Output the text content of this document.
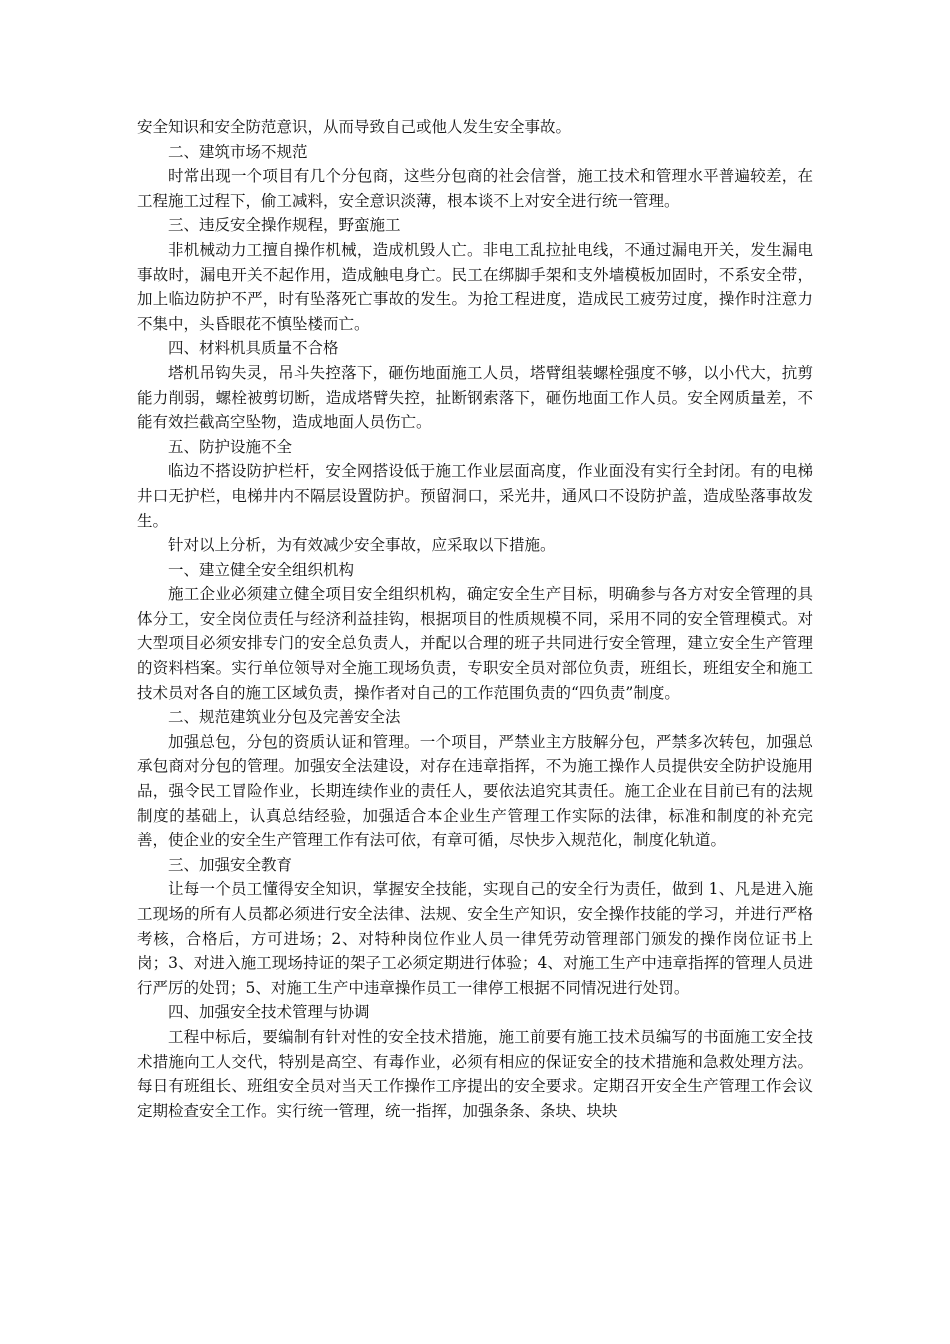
安全知识和安全防范意识，从而导致自己或他人发生安全事故。

二、建筑市场不规范

时常出现一个项目有几个分包商，这些分包商的社会信誉，施工技术和管理水平普遍较差，在工程施工过程下，偷工减料，安全意识淡薄，根本谈不上对安全进行统一管理。

三、违反安全操作规程，野蛮施工

非机械动力工擅自操作机械，造成机毁人亡。非电工乱拉扯电线，不通过漏电开关，发生漏电事故时，漏电开关不起作用，造成触电身亡。民工在绑脚手架和支外墙模板加固时，不系安全带，加上临边防护不严，时有坠落死亡事故的发生。为抢工程进度，造成民工疲劳过度，操作时注意力不集中，头昏眼花不慎坠楼而亡。

四、材料机具质量不合格

塔机吊钩失灵，吊斗失控落下，砸伤地面施工人员，塔臂组装螺栓强度不够，以小代大，抗剪能力削弱，螺栓被剪切断，造成塔臂失控，扯断钢索落下，砸伤地面工作人员。安全网质量差，不能有效拦截高空坠物，造成地面人员伤亡。

五、防护设施不全

临边不搭设防护栏杆，安全网搭设低于施工作业层面高度，作业面没有实行全封闭。有的电梯井口无护栏，电梯井内不隔层设置防护。预留洞口，采光井，通风口不设防护盖，造成坠落事故发生。

针对以上分析，为有效减少安全事故，应采取以下措施。

一、建立健全安全组织机构

施工企业必须建立健全项目安全组织机构，确定安全生产目标，明确参与各方对安全管理的具体分工，安全岗位责任与经济利益挂钩，根据项目的性质规模不同，采用不同的安全管理模式。对大型项目必须安排专门的安全总负责人，并配以合理的班子共同进行安全管理，建立安全生产管理的资料档案。实行单位领导对全施工现场负责，专职安全员对部位负责，班组长，班组安全和施工技术员对各自的施工区域负责，操作者对自己的工作范围负责的“四负责”制度。

二、规范建筑业分包及完善安全法

加强总包，分包的资质认证和管理。一个项目，严禁业主方肢解分包，严禁多次转包，加强总承包商对分包的管理。加强安全法建设，对存在违章指挥，不为施工操作人员提供安全防护设施用品，强令民工冒险作业，长期连续作业的责任人，要依法追究其责任。施工企业在目前已有的法规制度的基础上，认真总结经验，加强适合本企业生产管理工作实际的法律，标准和制度的补充完善，使企业的安全生产管理工作有法可依，有章可循，尽快步入规范化，制度化轨道。

三、加强安全教育

让每一个员工懂得安全知识，掌握安全技能，实现自己的安全行为责任，做到 1、凡是进入施工现场的所有人员都必须进行安全法律、法规、安全生产知识，安全操作技能的学习，并进行严格考核，合格后，方可进场；2、对特种岗位作业人员一律凭劳动管理部门颁发的操作岗位证书上岗；3、对进入施工现场持证的架子工必须定期进行体验；4、对施工生产中违章指挥的管理人员进行严厉的处罚；5、对施工生产中违章操作员工一律停工根据不同情况进行处罚。

四、加强安全技术管理与协调

工程中标后，要编制有针对性的安全技术措施，施工前要有施工技术员编写的书面施工安全技术措施向工人交代，特别是高空、有毒作业，必须有相应的保证安全的技术措施和急救处理方法。每日有班组长、班组安全员对当天工作操作工序提出的安全要求。定期召开安全生产管理工作会议定期检查安全工作。实行统一管理，统一指挥，加强条条、条块、块块
